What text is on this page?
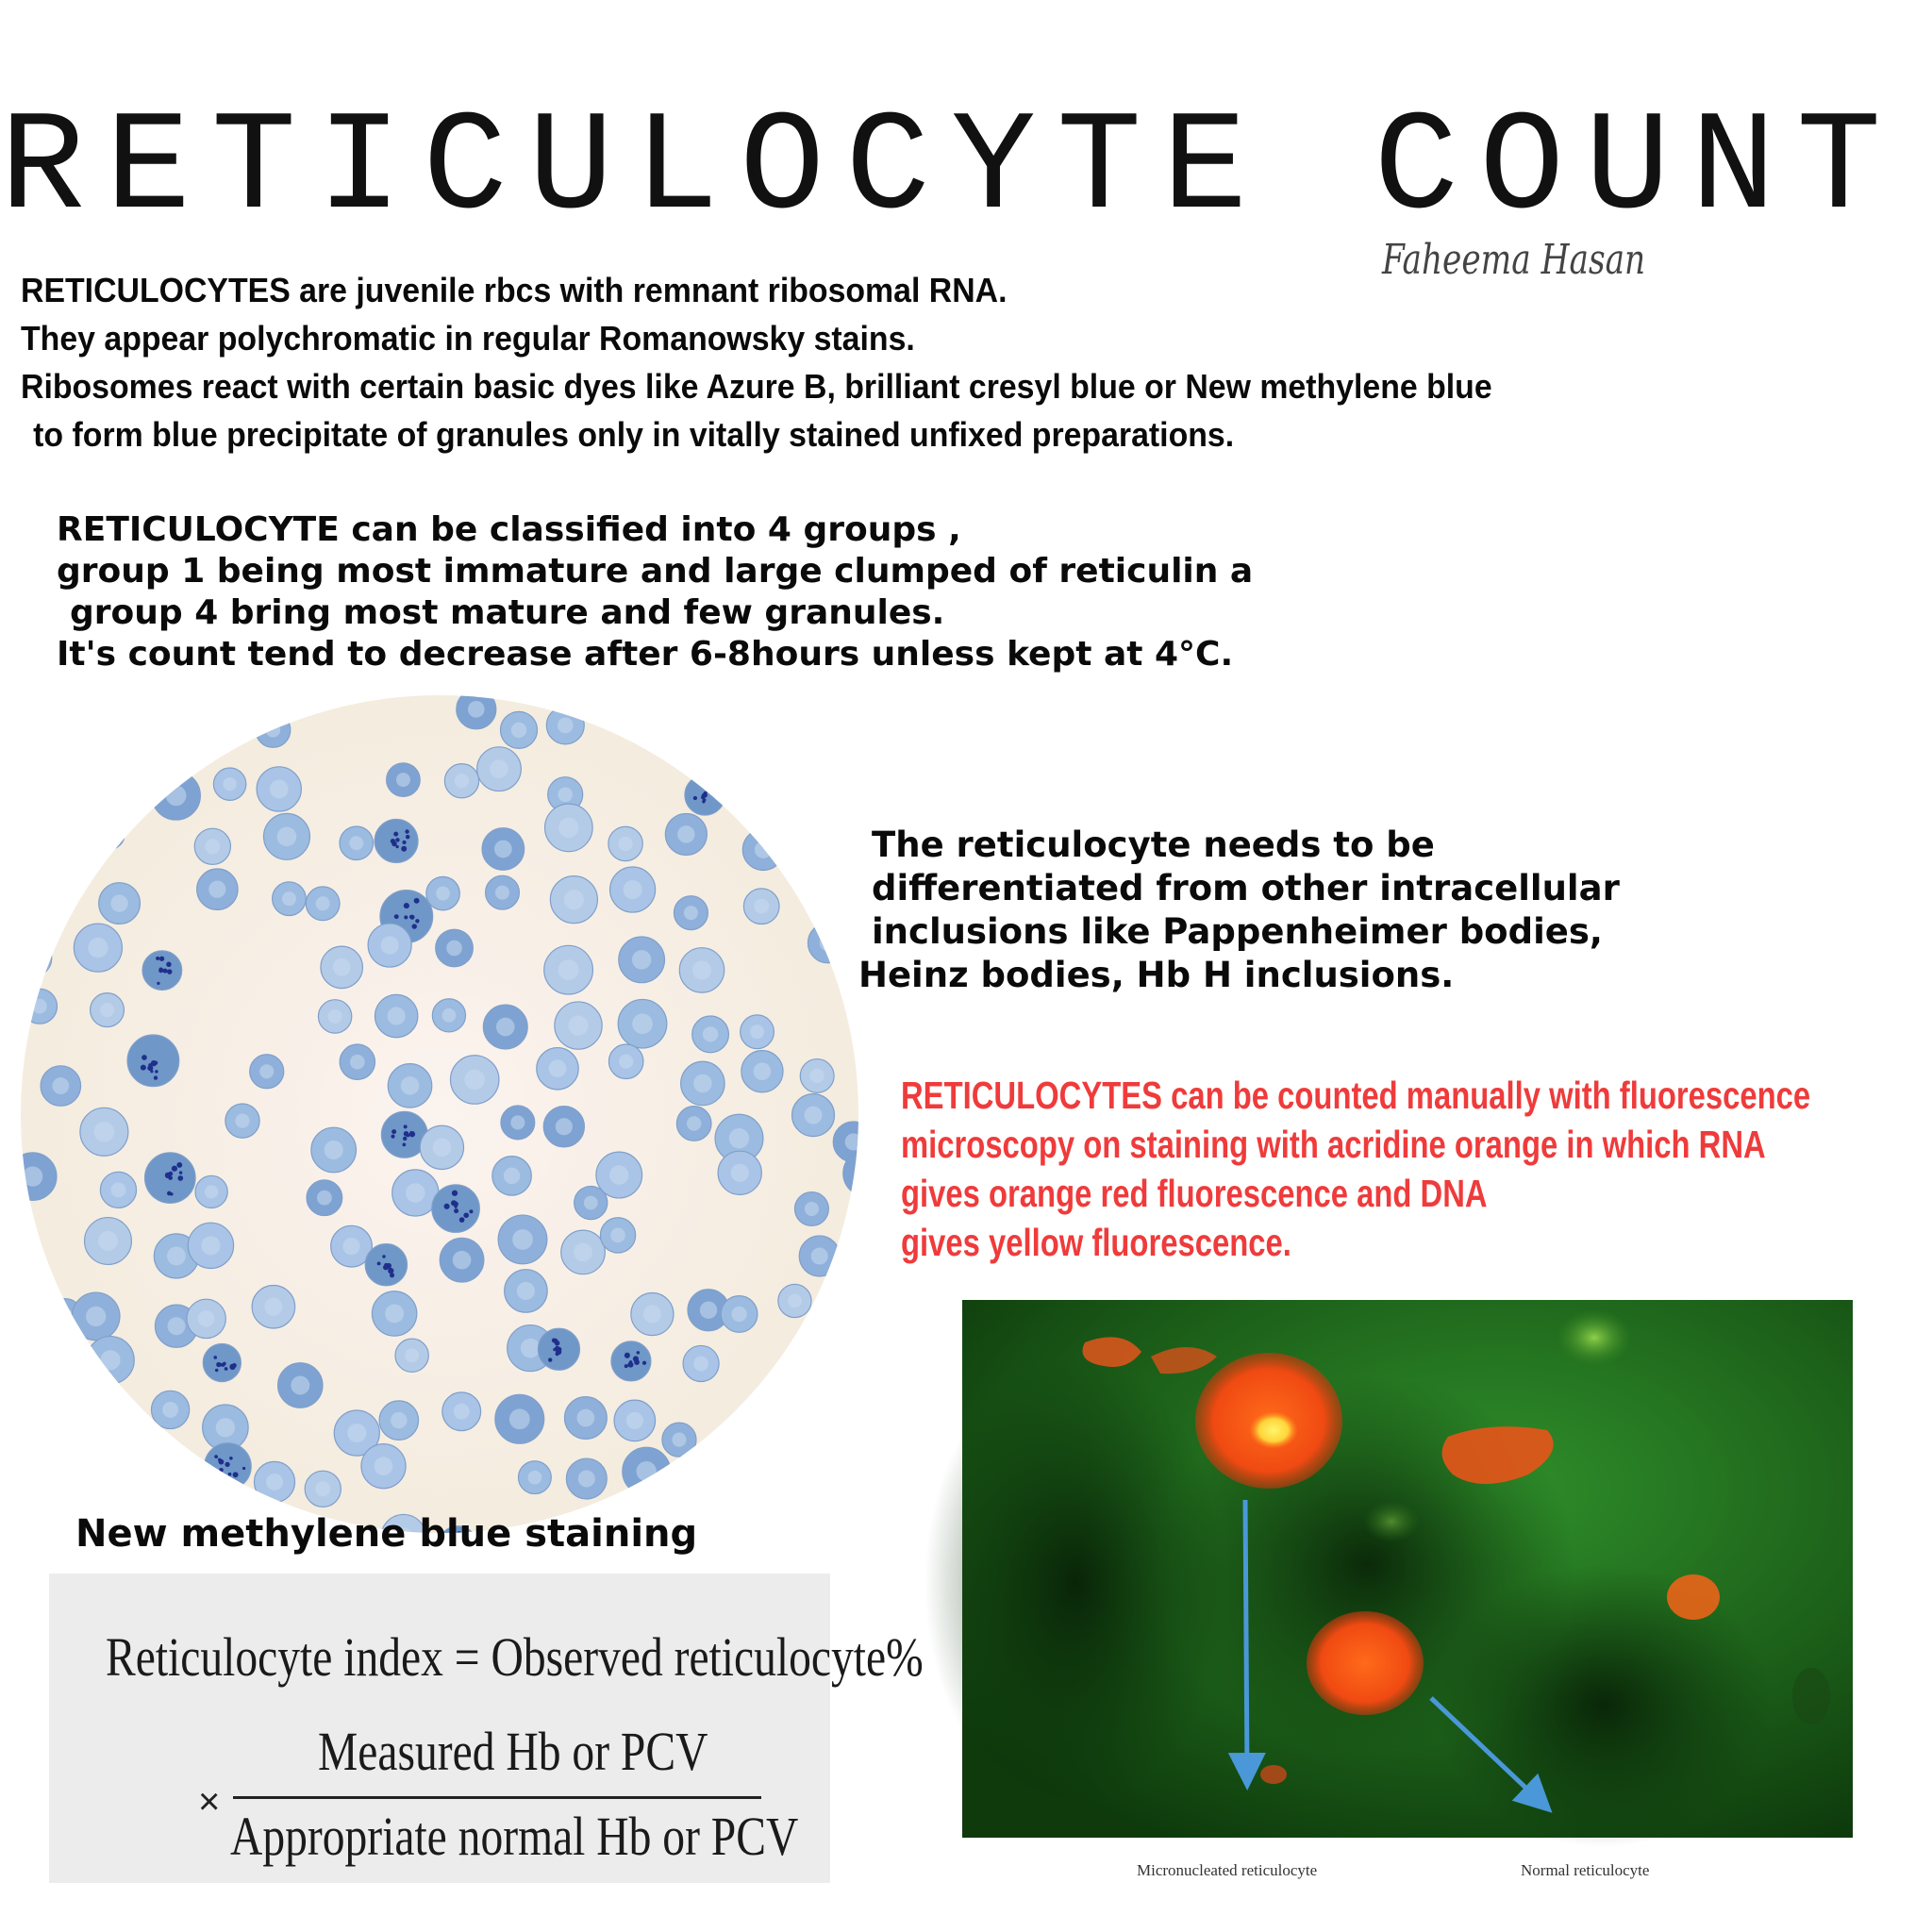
RETICULOCYTE COUNT
Faheema Hasan
RETICULOCYTES are juvenile rbcs with remnant ribosomal RNA.
They appear polychromatic in regular Romanowsky stains.
Ribosomes react with certain basic dyes like Azure B, brilliant cresyl blue or New methylene blue
to form blue precipitate of granules only in vitally stained unfixed preparations.
RETICULOCYTE can be classified into 4 groups ,
group 1 being most immature and large clumped of reticulin a
group 4 bring most mature and few granules.
It's count tend to decrease after 6-8hours unless kept at 4°C.
New methylene blue staining
The reticulocyte needs to be
differentiated from other intracellular
inclusions like Pappenheimer bodies,
Heinz bodies, Hb H inclusions.
RETICULOCYTES can be counted manually with fluorescence
microscopy on staining with acridine orange in which RNA
gives orange red fluorescence and DNA
gives yellow fluorescence.
Reticulocyte index = Observed reticulocyte%
Measured Hb or PCV
×
Appropriate normal Hb or PCV
Micronucleated reticulocyte	Normal reticulocyte
